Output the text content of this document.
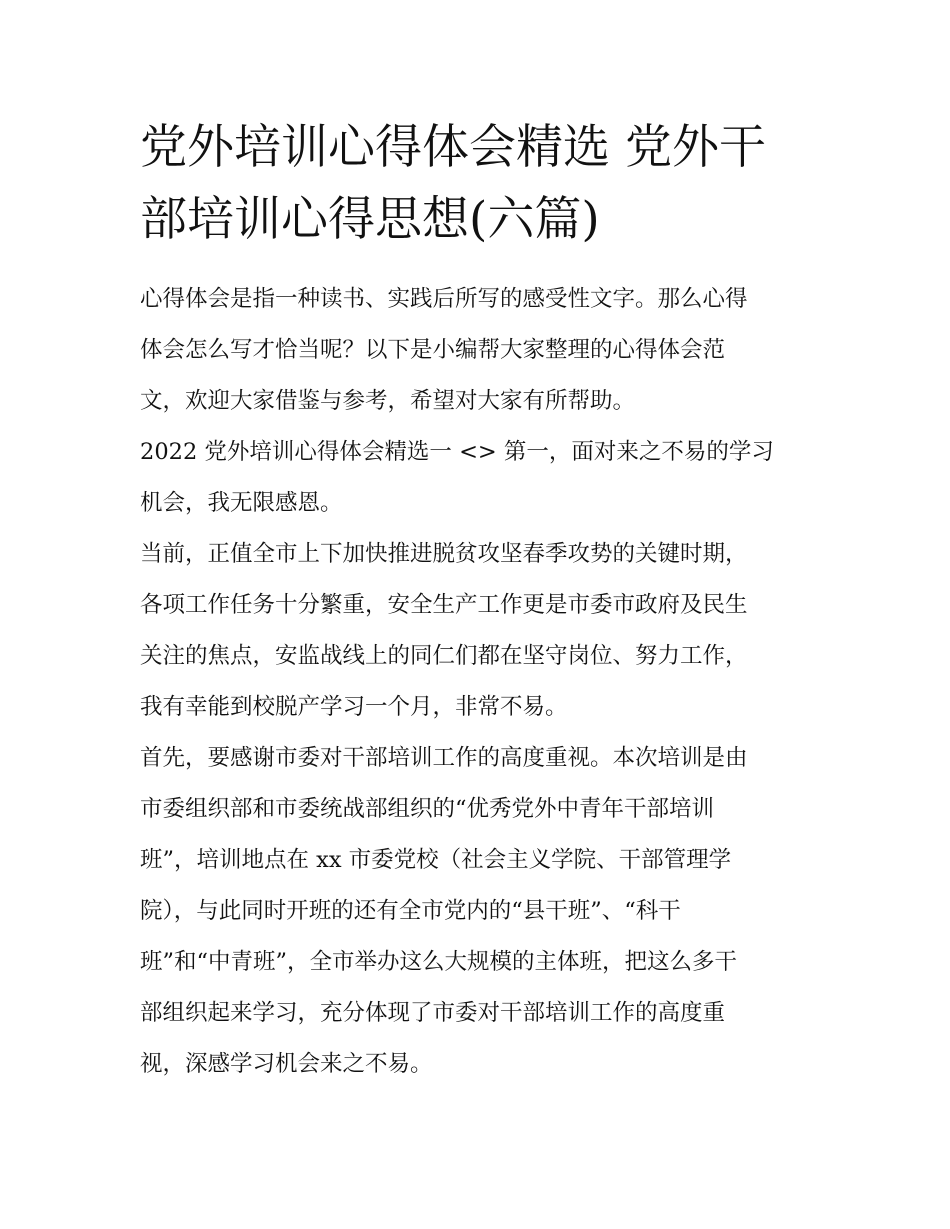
党外培训心得体会精选 党外干
部培训心得思想(六篇)

心得体会是指一种读书、实践后所写的感受性文字。那么心得
体会怎么写才恰当呢？以下是小编帮大家整理的心得体会范
文，欢迎大家借鉴与参考，希望对大家有所帮助。

2022 党外培训心得体会精选一 <> 第一，面对来之不易的学习
机会，我无限感恩。

当前，正值全市上下加快推进脱贫攻坚春季攻势的关键时期，
各项工作任务十分繁重，安全生产工作更是市委市政府及民生
关注的焦点，安监战线上的同仁们都在坚守岗位、努力工作，
我有幸能到校脱产学习一个月，非常不易。

首先，要感谢市委对干部培训工作的高度重视。本次培训是由
市委组织部和市委统战部组织的“优秀党外中青年干部培训
班”，培训地点在 xx 市委党校（社会主义学院、干部管理学
院），与此同时开班的还有全市党内的“县干班”、“科干
班”和“中青班”，全市举办这么大规模的主体班，把这么多干
部组织起来学习，充分体现了市委对干部培训工作的高度重
视，深感学习机会来之不易。
